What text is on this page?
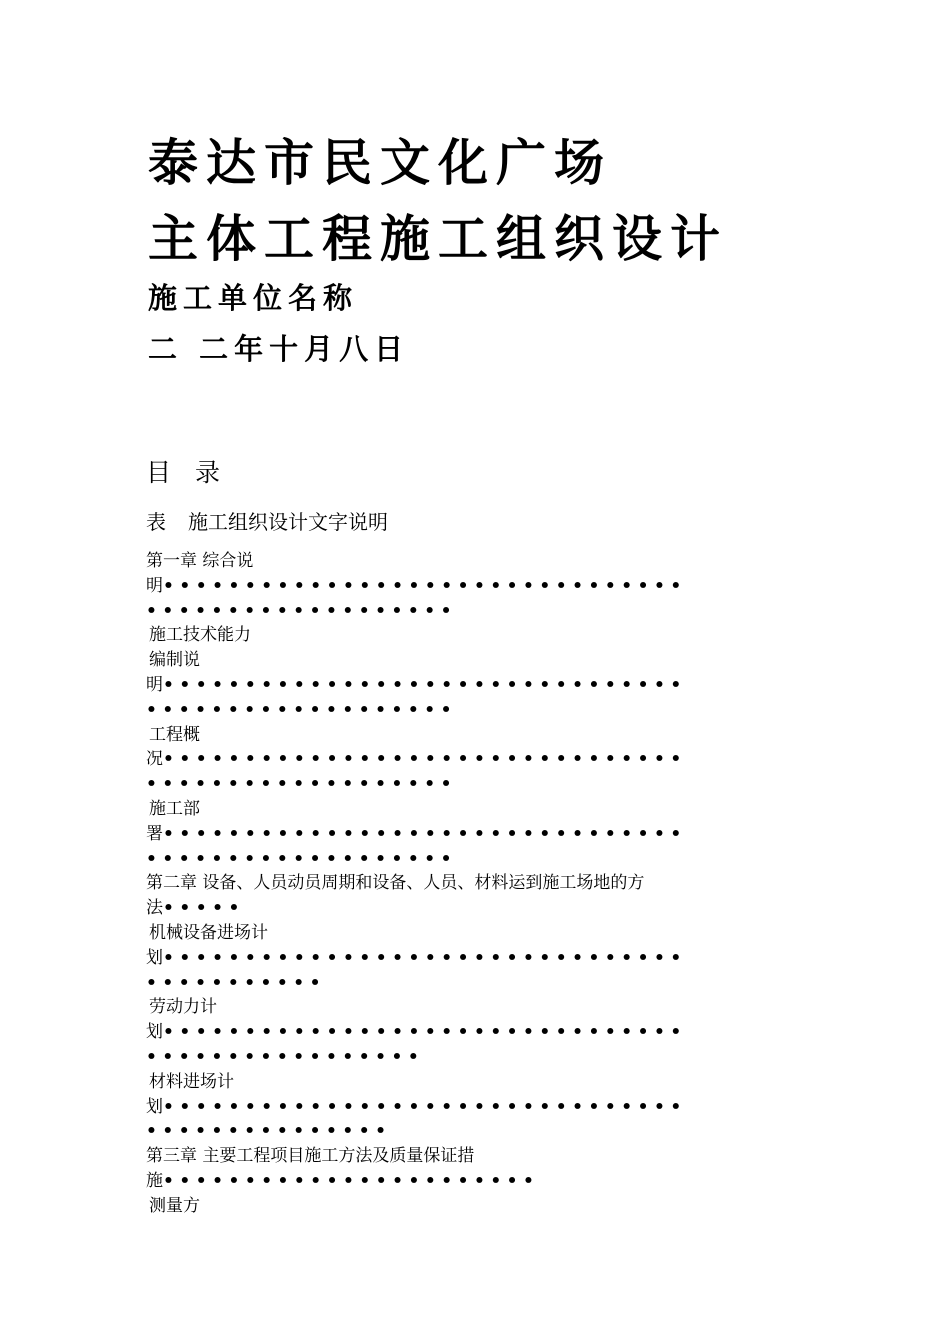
泰达市民文化广场
主体工程施工组织设计
施工单位名称
二 二年十月八日
目 录
表 施工组织设计文字说明
第一章 综合说
明••••••••••••••••••••••••••••••••
•••••••••••••••••••
施工技术能力
编制说
明••••••••••••••••••••••••••••••••
•••••••••••••••••••
工程概
况••••••••••••••••••••••••••••••••
•••••••••••••••••••
施工部
署••••••••••••••••••••••••••••••••
•••••••••••••••••••
第二章 设备、人员动员周期和设备、人员、材料运到施工场地的方
法•••••
机械设备进场计
划••••••••••••••••••••••••••••••••
•••••••••••
劳动力计
划••••••••••••••••••••••••••••••••
•••••••••••••••••
材料进场计
划••••••••••••••••••••••••••••••••
•••••••••••••••
第三章 主要工程项目施工方法及质量保证措
施•••••••••••••••••••••••
测量方
